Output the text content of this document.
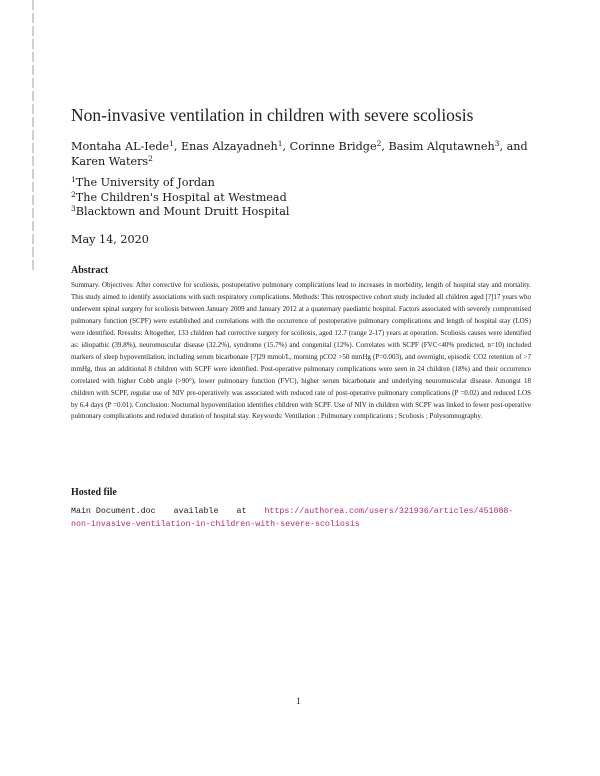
Non-invasive ventilation in children with severe scoliosis

Montaha AL-Iede$^1$, Enas Alzayadneh$^1$, Corinne Bridge$^2$, Basim Alqutawneh$^3$, and Karen Waters$^2$

$^1$The University of Jordan
$^2$The Children's Hospital at Westmead
$^3$Blacktown and Mount Druitt Hospital

May 14, 2020

Abstract

Summary. Objectives: After corrective for scoliosis, postoperative pulmonary complications lead to increases in morbidity, length of hospital stay and mortality. This study aimed to identify associations with such respiratory complications. Methods: This retrospective cohort study included all children aged [?]17 years who underwent spinal surgery for scoliosis between January 2009 and January 2012 at a quaternary paediatric hospital. Factors associated with severely compromised pulmonary function (SCPF) were established and correlations with the occurrence of postoperative pulmonary complications and length of hospital stay (LOS) were identified. Rresults: Altogether, 133 children had corrective surgery for scoliosis, aged 12.7 (range 2-17) years at operation. Scoliosis causes were identified as: idiopathic (39.8%), neuromuscular disease (32.2%), syndrome (15.7%) and congenital (12%). Correlates with SCPF (FVC<40% predicted, n=10) included markers of sleep hypoventilation, including serum bicarbonate [?]29 mmol/L, morning pCO2 >50 mmHg (P=0.003), and overnight, episodic CO2 retention of >7 mmHg, thus an additional 8 children with SCPF were identified. Post-operative pulmonary complications were seen in 24 children (18%) and their occurrence correlated with higher Cobb angle (>90°), lower pulmonary function (FVC), higher serum bicarbonate and underlying neuromuscular disease. Amongst 18 children with SCPF, regular use of NIV pre-operatively was associated with reduced rate of post-operative pulmonary complications (P =0.02) and reduced LOS by 6.4 days (P =0.01). Conclusion: Nocturnal hypoventilation identifies children with SCPF. Use of NIV in children with SCPF was linked to fewer post-operative pulmonary complications and reduced duration of hospital stay. Keywords: Ventilation ; Pulmonary complications ; Scoliosis ; Polysomnography.

Hosted file

Main Document.doc available at https://authorea.com/users/321936/articles/451088-non-invasive-ventilation-in-children-with-severe-scoliosis

1
